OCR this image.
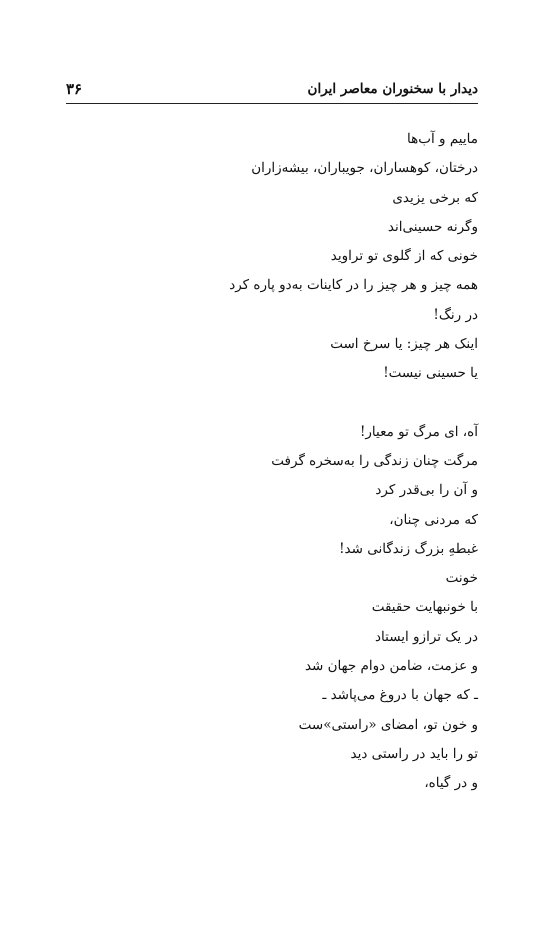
دیدار با سخنوران معاصر ایران
۳۶
ماییم و آب‌ها
درختان، کوهساران، جویباران، بیشه‌زاران
که برخی یزیدی
وگرنه حسینی‌اند
خونی که از گلوی تو تراوید
همه چیز و هر چیز را در کاینات به‌دو پاره کرد
در رنگ!
اینک هر چیز: یا سرخ است
یا حسینی نیست!
آه، ای مرگ تو معیار!
مرگت چنان زندگی را به‌سخره گرفت
و آن را بی‌قدر کرد
که مردنی چنان،
غبطهِ بزرگ زندگانی شد!
خونت
با خونبهایت حقیقت
در یک ترازو ایستاد
و عزمت، ضامن دوام جهان شد
ـ که جهان با دروغ می‌پاشد ـ
و خون تو، امضای «راستی»ست
تو را باید در راستی دید
و در گیاه،
